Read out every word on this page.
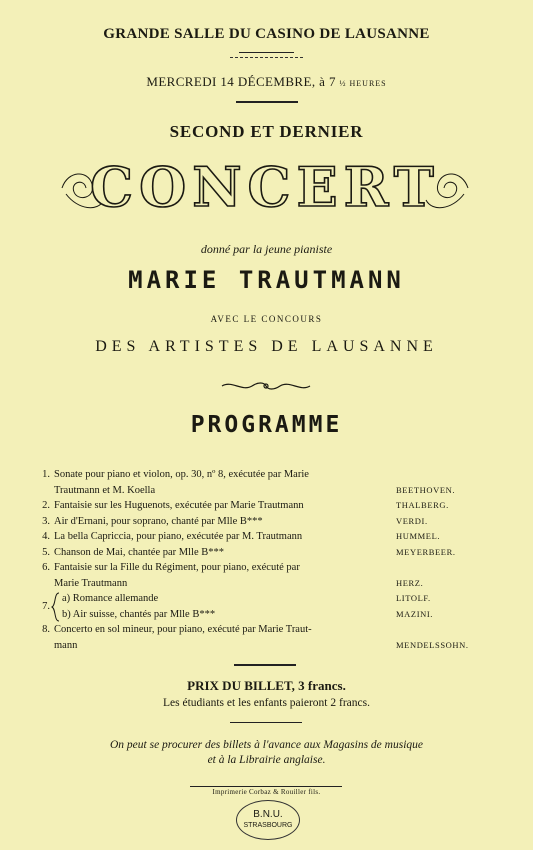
GRANDE SALLE DU CASINO DE LAUSANNE
MERCREDI 14 DÉCEMBRE, à 7 ½ HEURES
SECOND ET DERNIER
CONCERT
donné par la jeune pianiste
MARIE TRAUTMANN
AVEC LE CONCOURS
DES ARTISTES DE LAUSANNE
PROGRAMME
1. Sonate pour piano et violon, op. 30, nº 8, exécutée par Marie
Trautmann et M. Koella	BEETHOVEN.
2. Fantaisie sur les Huguenots, exécutée par Marie Trautmann	THALBERG.
3. Air d'Ernani, pour soprano, chanté par Mlle B***	VERDI.
4. La bella Capriccia, pour piano, exécutée par M. Trautmann	HUMMEL.
5. Chanson de Mai, chantée par Mlle B***	MEYERBEER.
6. Fantaisie sur la Fille du Régiment, pour piano, exécuté par
Marie Trautmann	HERZ.
7.
a) Romance allemande	LITOLF.
b) Air suisse, chantés par Mlle B***	MAZINI.
8. Concerto en sol mineur, pour piano, exécuté par Marie Traut-
mann	MENDELSSOHN.
PRIX DU BILLET, 3 francs.
Les étudiants et les enfants paieront 2 francs.
On peut se procurer des billets à l'avance aux Magasins de musique
et à la Librairie anglaise.
Imprimerie Corbaz & Rouiller fils.
B.N.U.
STRASBOURG
